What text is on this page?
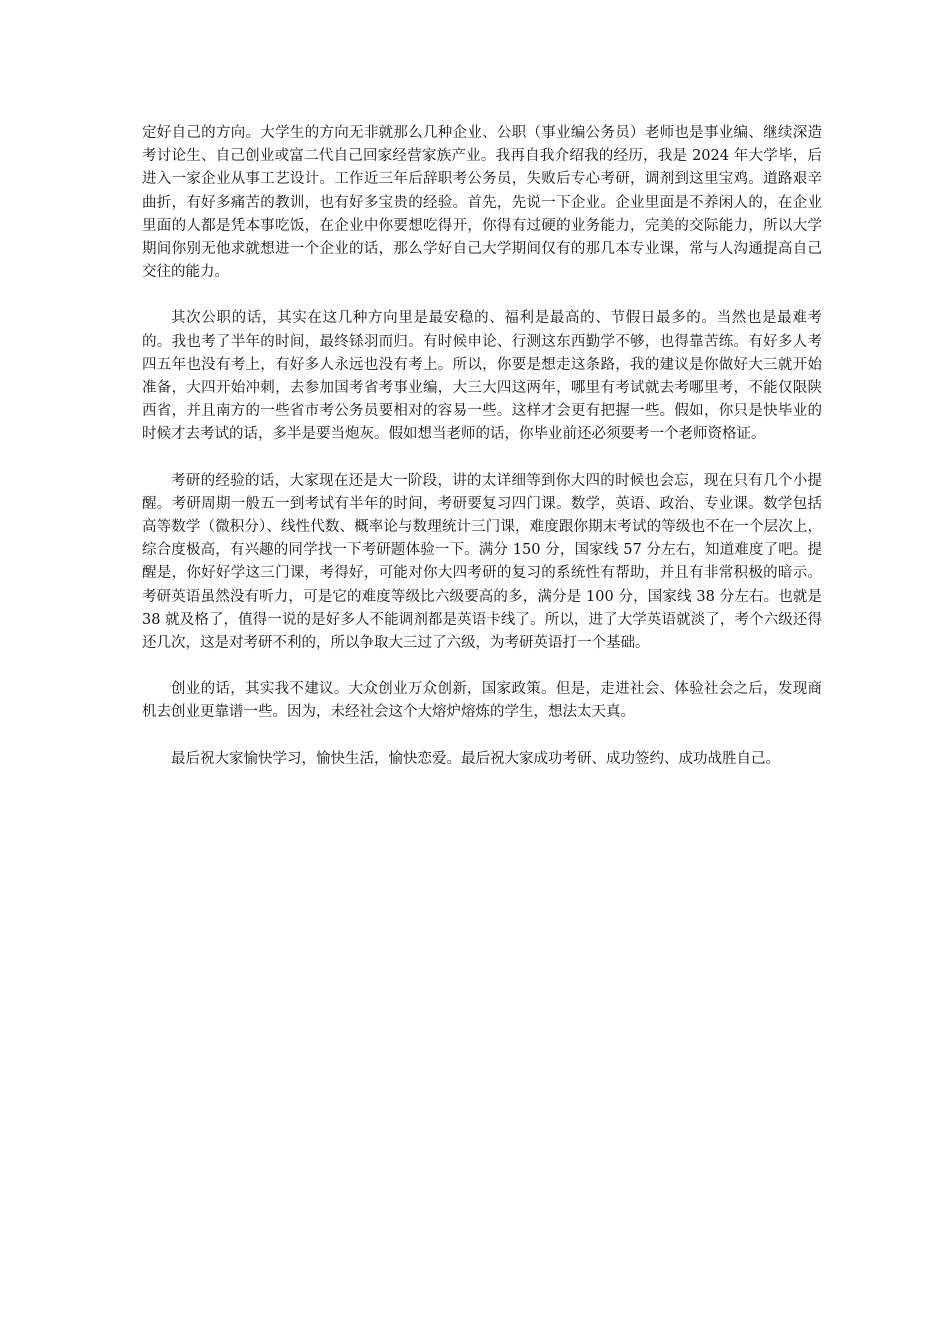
定好自己的方向。大学生的方向无非就那么几种企业、公职（事业编公务员）老师也是事业编、继续深造考讨论生、自己创业或富二代自己回家经营家族产业。我再自我介绍我的经历，我是 2024 年大学毕，后进入一家企业从事工艺设计。工作近三年后辞职考公务员，失败后专心考研，调剂到这里宝鸡。道路艰辛曲折，有好多痛苦的教训，也有好多宝贵的经验。首先，先说一下企业。企业里面是不养闲人的，在企业里面的人都是凭本事吃饭，在企业中你要想吃得开，你得有过硬的业务能力，完美的交际能力，所以大学期间你别无他求就想进一个企业的话，那么学好自己大学期间仅有的那几本专业课，常与人沟通提高自己交往的能力。

其次公职的话，其实在这几种方向里是最安稳的、福利是最高的、节假日最多的。当然也是最难考的。我也考了半年的时间，最终铩羽而归。有时候申论、行测这东西勤学不够，也得靠苦练。有好多人考四五年也没有考上，有好多人永远也没有考上。所以，你要是想走这条路，我的建议是你做好大三就开始准备，大四开始冲刺，去参加国考省考事业编，大三大四这两年，哪里有考试就去考哪里考，不能仅限陕西省，并且南方的一些省市考公务员要相对的容易一些。这样才会更有把握一些。假如，你只是快毕业的时候才去考试的话，多半是要当炮灰。假如想当老师的话，你毕业前还必须要考一个老师资格证。

考研的经验的话，大家现在还是大一阶段，讲的太详细等到你大四的时候也会忘，现在只有几个小提醒。考研周期一般五一到考试有半年的时间，考研要复习四门课。数学，英语、政治、专业课。数学包括高等数学（微积分）、线性代数、概率论与数理统计三门课，难度跟你期末考试的等级也不在一个层次上，综合度极高，有兴趣的同学找一下考研题体验一下。满分 150 分，国家线 57 分左右，知道难度了吧。提醒是，你好好学这三门课，考得好，可能对你大四考研的复习的系统性有帮助，并且有非常积极的暗示。考研英语虽然没有听力，可是它的难度等级比六级要高的多，满分是 100 分，国家线 38 分左右。也就是 38 就及格了，值得一说的是好多人不能调剂都是英语卡线了。所以，进了大学英语就淡了，考个六级还得还几次，这是对考研不利的，所以争取大三过了六级，为考研英语打一个基础。

创业的话，其实我不建议。大众创业万众创新，国家政策。但是，走进社会、体验社会之后，发现商机去创业更靠谱一些。因为，未经社会这个大熔炉熔炼的学生，想法太天真。

最后祝大家愉快学习，愉快生活，愉快恋爱。最后祝大家成功考研、成功签约、成功战胜自己。
